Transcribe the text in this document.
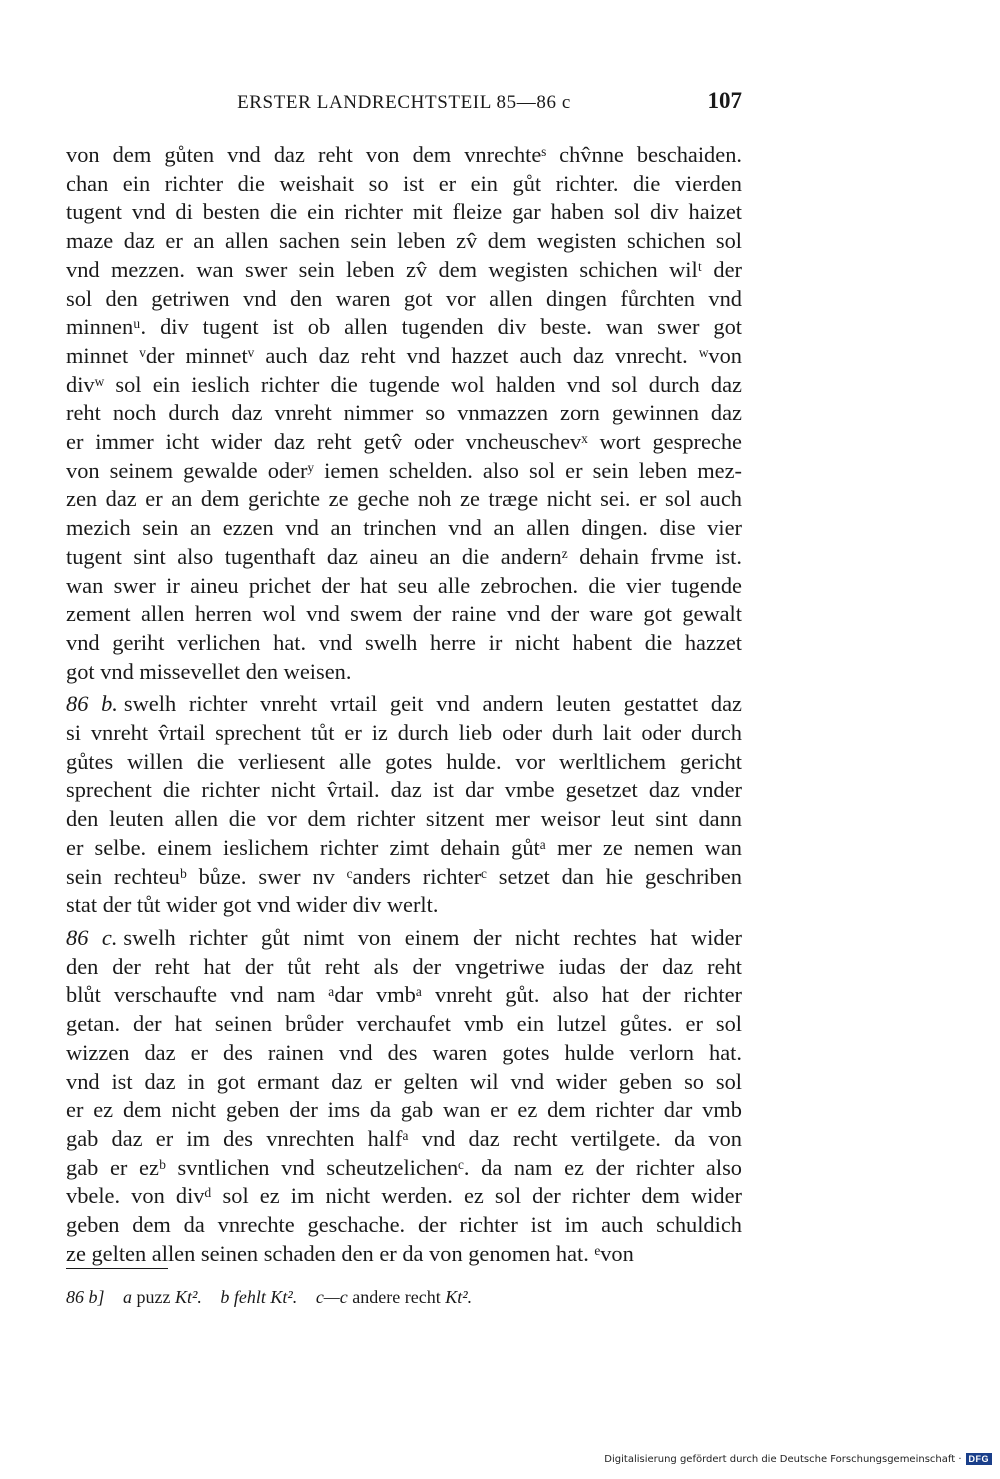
ERSTER LANDRECHTSTEIL 85—86 c	107

von dem gůten vnd daz reht von dem vnrechteˢ chv̂nne beschaiden.
chan ein richter die weishait so ist er ein gůt richter. die vierden
tugent vnd di besten die ein richter mit fleize gar haben sol div haizet
maze daz er an allen sachen sein leben zv̂ dem wegisten schichen sol
vnd mezzen. wan swer sein leben zv̂ dem wegisten schichen wilᵗ der
sol den getriwen vnd den waren got vor allen dingen fůrchten vnd
minnenᵘ. div tugent ist ob allen tugenden div beste. wan swer got
minnet ᵛder minnetᵛ auch daz reht vnd hazzet auch daz vnrecht. ʷvon
divʷ sol ein ieslich richter die tugende wol halden vnd sol durch daz
reht noch durch daz vnreht nimmer so vnmazzen zorn gewinnen daz
er immer icht wider daz reht getv̂ oder vncheuschevˣ wort gespreche
von seinem gewalde oderʸ iemen schelden. also sol er sein leben mez-
zen daz er an dem gerichte ze geche noh ze træge nicht sei. er sol auch
mezich sein an ezzen vnd an trinchen vnd an allen dingen. dise vier
tugent sint also tugenthaft daz aineu an die andernᶻ dehain frvme ist.
wan swer ir aineu prichet der hat seu alle zebrochen. die vier tugende
zement allen herren wol vnd swem der raine vnd der ware got gewalt
vnd geriht verlichen hat. vnd swelh herre ir nicht habent die hazzet
got vnd missevellet den weisen.

86 b. swelh richter vnreht vrtail geit vnd andern leuten gestattet daz
si vnreht v̂rtail sprechent tůt er iz durch lieb oder durh lait oder durch
gůtes willen die verliesent alle gotes hulde. vor werltlichem gericht
sprechent die richter nicht v̂rtail. daz ist dar vmbe gesetzet daz vnder
den leuten allen die vor dem richter sitzent mer weisor leut sint dann
er selbe. einem ieslichem richter zimt dehain gůtᵃ mer ze nemen wan
sein rechteuᵇ bůze. swer nv ᶜanders richterᶜ setzet dan hie geschriben
stat der tůt wider got vnd wider div werlt.

86 c. swelh richter gůt nimt von einem der nicht rechtes hat wider
den der reht hat der tůt reht als der vngetriwe iudas der daz reht
blůt verschaufte vnd nam ᵃdar vmbᵃ vnreht gůt. also hat der richter
getan. der hat seinen brůder verchaufet vmb ein lutzel gůtes. er sol
wizzen daz er des rainen vnd des waren gotes hulde verlorn hat.
vnd ist daz in got ermant daz er gelten wil vnd wider geben so sol
er ez dem nicht geben der ims da gab wan er ez dem richter dar vmb
gab daz er im des vnrechten halfᵃ vnd daz recht vertilgete. da von
gab er ezᵇ svntlichen vnd scheutzelichenᶜ. da nam ez der richter also
vbele. von divᵈ sol ez im nicht werden. ez sol der richter dem wider
geben dem da vnrechte geschache. der richter ist im auch schuldich
ze gelten allen seinen schaden den er da von genomen hat. ᵉvon

86 b] a puzz Kt². b fehlt Kt². c—c andere recht Kt².
Digitalisierung gefördert durch die Deutsche Forschungsgemeinschaft · DFG
